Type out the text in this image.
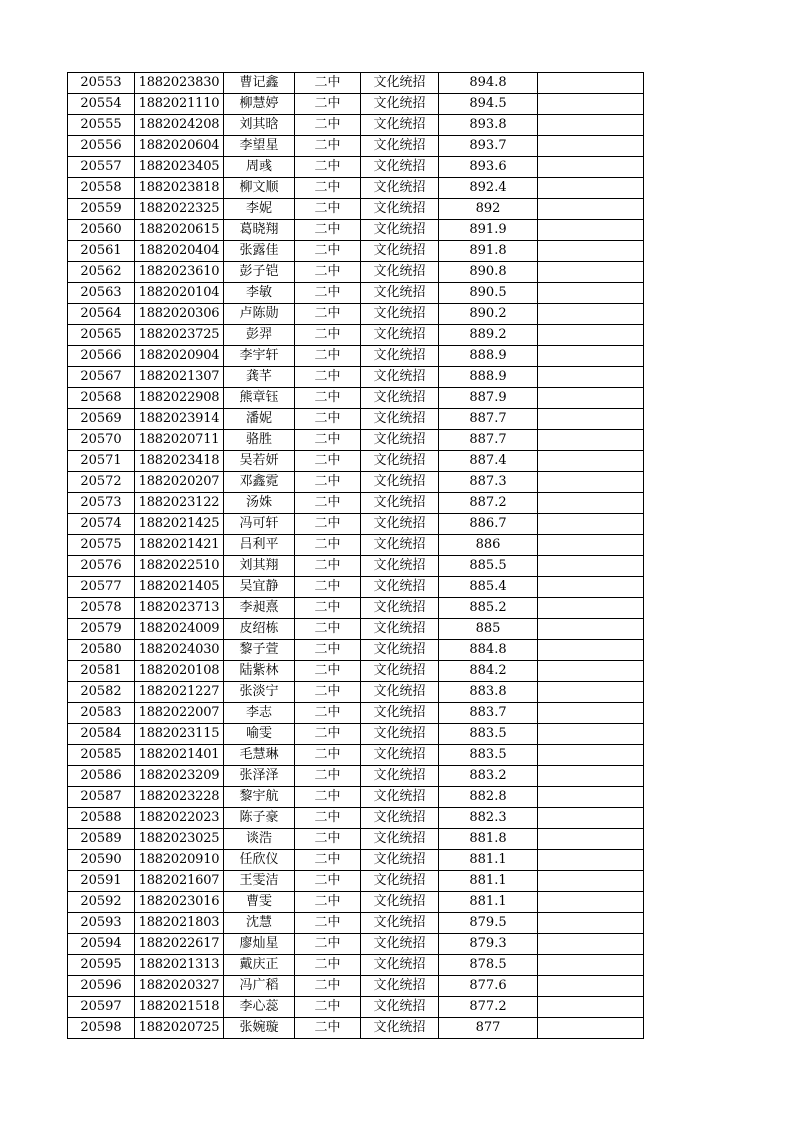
20553	1882023830	曹记鑫	二中	文化统招	894.8	
20554	1882021110	柳慧婷	二中	文化统招	894.5	
20555	1882024208	刘其晗	二中	文化统招	893.8	
20556	1882020604	李望星	二中	文化统招	893.7	
20557	1882023405	周彧	二中	文化统招	893.6	
20558	1882023818	柳文顺	二中	文化统招	892.4	
20559	1882022325	李妮	二中	文化统招	892	
20560	1882020615	葛晓翔	二中	文化统招	891.9	
20561	1882020404	张露佳	二中	文化统招	891.8	
20562	1882023610	彭子铠	二中	文化统招	890.8	
20563	1882020104	李敏	二中	文化统招	890.5	
20564	1882020306	卢陈勋	二中	文化统招	890.2	
20565	1882023725	彭羿	二中	文化统招	889.2	
20566	1882020904	李宇轩	二中	文化统招	888.9	
20567	1882021307	龚芊	二中	文化统招	888.9	
20568	1882022908	熊章钰	二中	文化统招	887.9	
20569	1882023914	潘妮	二中	文化统招	887.7	
20570	1882020711	骆胜	二中	文化统招	887.7	
20571	1882023418	吴若妍	二中	文化统招	887.4	
20572	1882020207	邓鑫霓	二中	文化统招	887.3	
20573	1882023122	汤姝	二中	文化统招	887.2	
20574	1882021425	冯可轩	二中	文化统招	886.7	
20575	1882021421	吕利平	二中	文化统招	886	
20576	1882022510	刘其翔	二中	文化统招	885.5	
20577	1882021405	吴宜静	二中	文化统招	885.4	
20578	1882023713	李昶熹	二中	文化统招	885.2	
20579	1882024009	皮绍栋	二中	文化统招	885	
20580	1882024030	黎子萱	二中	文化统招	884.8	
20581	1882020108	陆紫林	二中	文化统招	884.2	
20582	1882021227	张淡宁	二中	文化统招	883.8	
20583	1882022007	李志	二中	文化统招	883.7	
20584	1882023115	喻雯	二中	文化统招	883.5	
20585	1882021401	毛慧琳	二中	文化统招	883.5	
20586	1882023209	张泽泽	二中	文化统招	883.2	
20587	1882023228	黎宇航	二中	文化统招	882.8	
20588	1882022023	陈子豪	二中	文化统招	882.3	
20589	1882023025	谈浩	二中	文化统招	881.8	
20590	1882020910	任欣仪	二中	文化统招	881.1	
20591	1882021607	王雯洁	二中	文化统招	881.1	
20592	1882023016	曹雯	二中	文化统招	881.1	
20593	1882021803	沈慧	二中	文化统招	879.5	
20594	1882022617	廖灿星	二中	文化统招	879.3	
20595	1882021313	戴庆正	二中	文化统招	878.5	
20596	1882020327	冯广稻	二中	文化统招	877.6	
20597	1882021518	李心蕊	二中	文化统招	877.2	
20598	1882020725	张婉璇	二中	文化统招	877	
